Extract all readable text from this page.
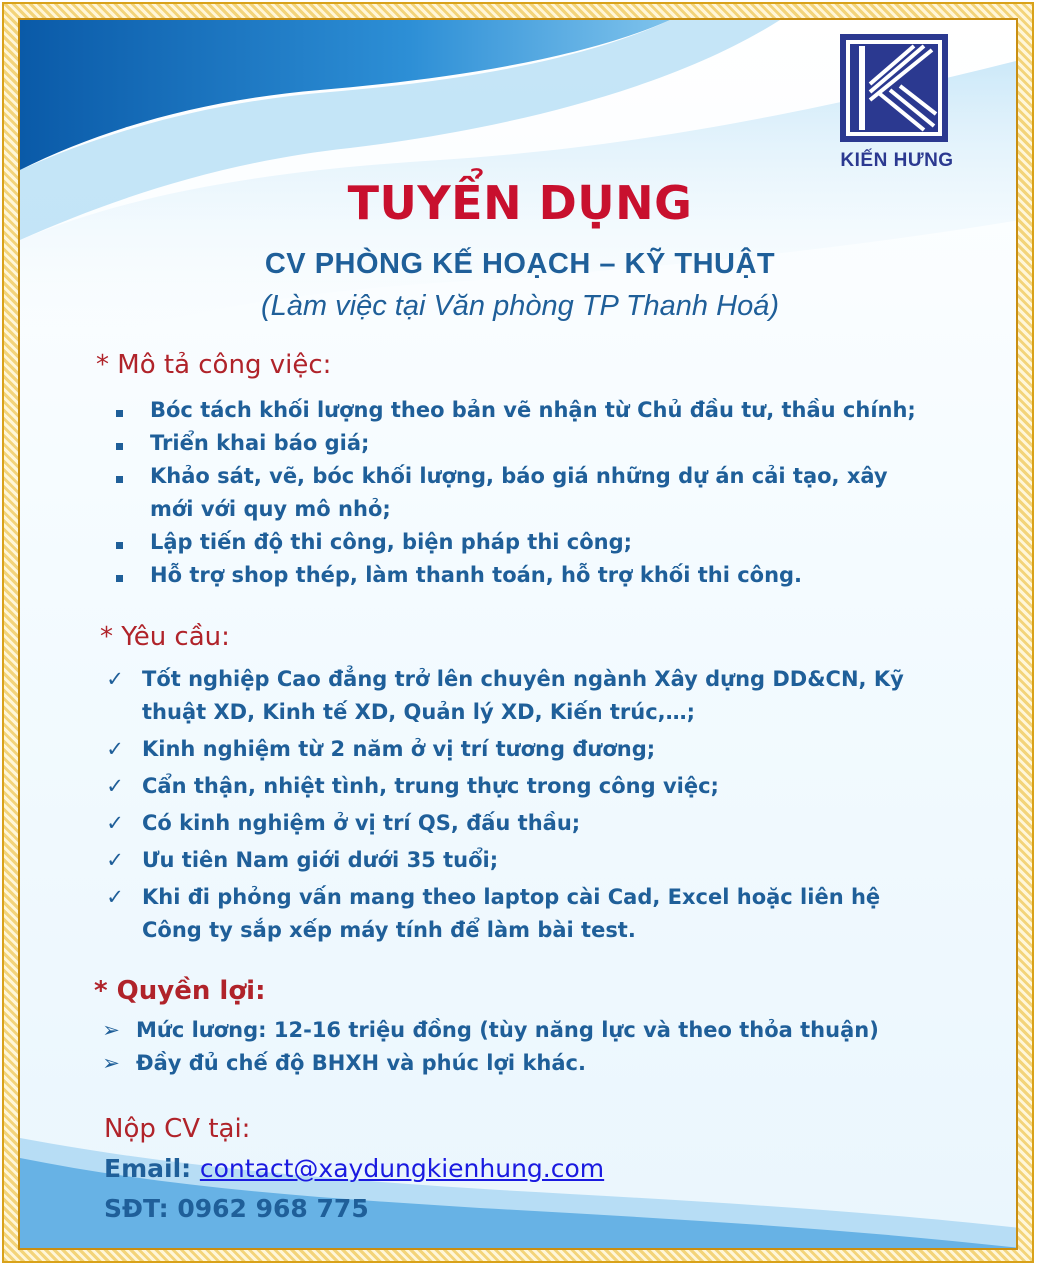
KIẾN HƯNG
TUYỂN DỤNG
CV PHÒNG KẾ HOẠCH – KỸ THUẬT
(Làm việc tại Văn phòng TP Thanh Hoá)
* Mô tả công việc:
Bóc tách khối lượng theo bản vẽ nhận từ Chủ đầu tư, thầu chính;
Triển khai báo giá;
Khảo sát, vẽ, bóc khối lượng, báo giá những dự án cải tạo, xây mới với quy mô nhỏ;
Lập tiến độ thi công, biện pháp thi công;
Hỗ trợ shop thép, làm thanh toán, hỗ trợ khối thi công.
* Yêu cầu:
✓ Tốt nghiệp Cao đẳng trở lên chuyên ngành Xây dựng DD&CN, Kỹ thuật XD, Kinh tế XD, Quản lý XD, Kiến trúc,…;
✓ Kinh nghiệm từ 2 năm ở vị trí tương đương;
✓ Cẩn thận, nhiệt tình, trung thực trong công việc;
✓ Có kinh nghiệm ở vị trí QS, đấu thầu;
✓ Ưu tiên Nam giới dưới 35 tuổi;
✓ Khi đi phỏng vấn mang theo laptop cài Cad, Excel hoặc liên hệ Công ty sắp xếp máy tính để làm bài test.
* Quyền lợi:
➢ Mức lương: 12-16 triệu đồng (tùy năng lực và theo thỏa thuận)
➢ Đầy đủ chế độ BHXH và phúc lợi khác.
Nộp CV tại:
Email: contact@xaydungkienhung.com
SĐT: 0962 968 775
